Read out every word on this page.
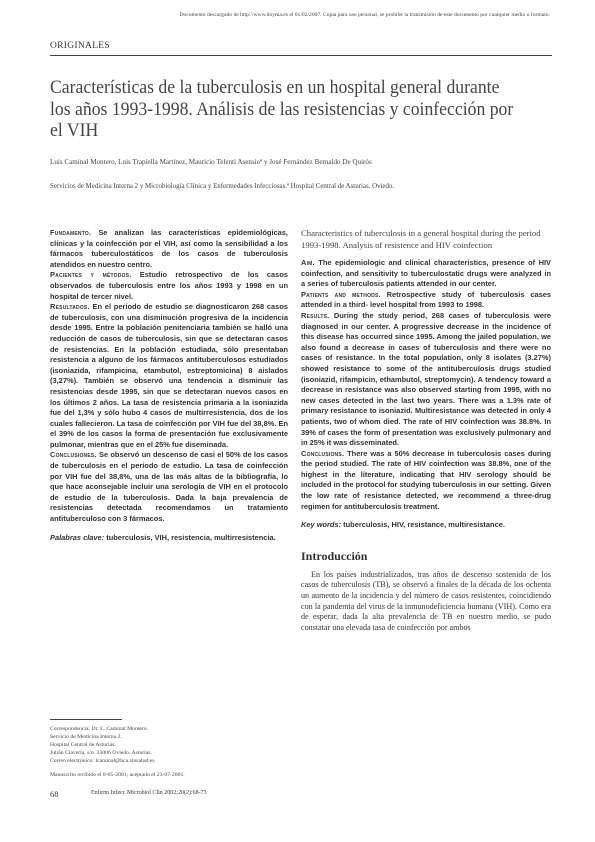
Documento descargado de http://www.doyma.es el 01/02/2007. Copia para uso personal, se prohíbe la transmisión de este documento por cualquier medio o formato.
ORIGINALES
Características de la tuberculosis en un hospital general durante los años 1993-1998. Análisis de las resistencias y coinfección por el VIH
Luis Caminal Montero, Luis Trapiella Martínez, Mauricio Telenti Asensioª y José Fernández Bernaldo De Quirós
Servicios de Medicina Interna 2 y Microbiología Clínica y Enfermedades Infecciosas.ª Hospital Central de Asturias. Oviedo.

Fundamento. Se analizan las características epidemiológicas, clínicas y la coinfección por el VIH, así como la sensibilidad a los fármacos tuberculostáticos de los casos de tuberculosis atendidos en nuestro centro.

Pacientes y métodos. Estudio retrospectivo de los casos observados de tuberculosis entre los años 1993 y 1998 en un hospital de tercer nivel.

Resultados. En el período de estudio se diagnosticaron 268 casos de tuberculosis, con una disminución progresiva de la incidencia desde 1995. Entre la población penitenciaria también se halló una reducción de casos de tuberculosis, sin que se detectaran casos de resistencias. En la población estudiada, sólo presentaban resistencia a alguno de los fármacos antituberculosos estudiados (isoniazida, rifampicina, etambutol, estreptomicina) 8 aislados (3,27%). También se observó una tendencia a disminuir las resistencias desde 1995, sin que se detectaran nuevos casos en los últimos 2 años. La tasa de resistencia primaria a la isoniazida fue del 1,3% y sólo hubo 4 casos de multirresistencia, dos de los cuales fallecieron. La tasa de coinfección por VIH fue del 38,8%. En el 39% de los casos la forma de presentación fue exclusivamente pulmonar, mientras que en el 25% fue diseminada.

Conclusiones. Se observó un descenso de casi el 50% de los casos de tuberculosis en el período de estudio. La tasa de coinfección por VIH fue del 38,8%, una de las más altas de la bibliografía, lo que hace aconsejable incluir una serología de VIH en el protocolo de estudio de la tuberculosis. Dada la baja prevalencia de resistencias detectada recomendamos un tratamiento antituberculoso con 3 fármacos.

Palabras clave: tuberculosis, VIH, resistencia, multirresistencia.

Characteristics of tuberculosis in a general hospital during the period 1993-1998. Analysis of resistence and HIV coinfection

Aim. The epidemiologic and clinical characteristics, presence of HIV coinfection, and sensitivity to tuberculostatic drugs were analyzed in a series of tuberculosis patients attended in our center.

Patients and methods. Retrospective study of tuberculosis cases attended in a third- level hospital from 1993 to 1998.

Results. During the study period, 268 cases of tuberculosis were diagnosed in our center. A progressive decrease in the incidence of this disease has occurred since 1995. Among the jailed population, we also found a decrease in cases of tuberculosis and there were no cases of resistance. In the total population, only 8 isolates (3.27%) showed resistance to some of the antituberculosis drugs studied (isoniazid, rifampicin, ethambutol, streptomycin). A tendency toward a decrease in resistance was also observed starting from 1995, with no new cases detected in the last two years. There was a 1.3% rate of primary resistance to isoniazid. Multiresistance was detected in only 4 patients, two of whom died. The rate of HIV coinfection was 38.8%. In 39% of cases the form of presentation was exclusively pulmonary and in 25% it was disseminated.

Conclusions. There was a 50% decrease in tuberculosis cases during the period studied. The rate of HIV coinfection was 38.8%, one of the highest in the literature, indicating that HIV serology should be included in the protocol for studying tuberculosis in our setting. Given the low rate of resistance detected, we recommend a three-drug regimen for antituberculosis treatment.

Key words: tuberculosis, HIV, resistance, multiresistance.

Introducción

En los países industrializados, tras años de descenso sostenido de los casos de tuberculosis (TB), se observó a finales de la década de los ochenta un aumento de la incidencia y del número de casos resistentes, coincidiendo con la pandemia del virus de la inmunodeficiencia humana (VIH). Como era de esperar, dada la alta prevalencia de TB en nuestro medio, se pudo constatar una elevada tasa de coinfección por ambos

Correspondencia: Dr. L. Caminal Montero.
Servicio de Medicina Interna 2.
Hospital Central de Asturias.
Julián Clavería, s/n. 33006 Oviedo. Asturias.
Correo electrónico: lcaminal@hca.sinsalud.es
Manuscrito recibido el 8-05-2001; aceptado el 23-07-2001.
68	Enferm Infecc Microbiol Clin 2002;20(2):68-73
